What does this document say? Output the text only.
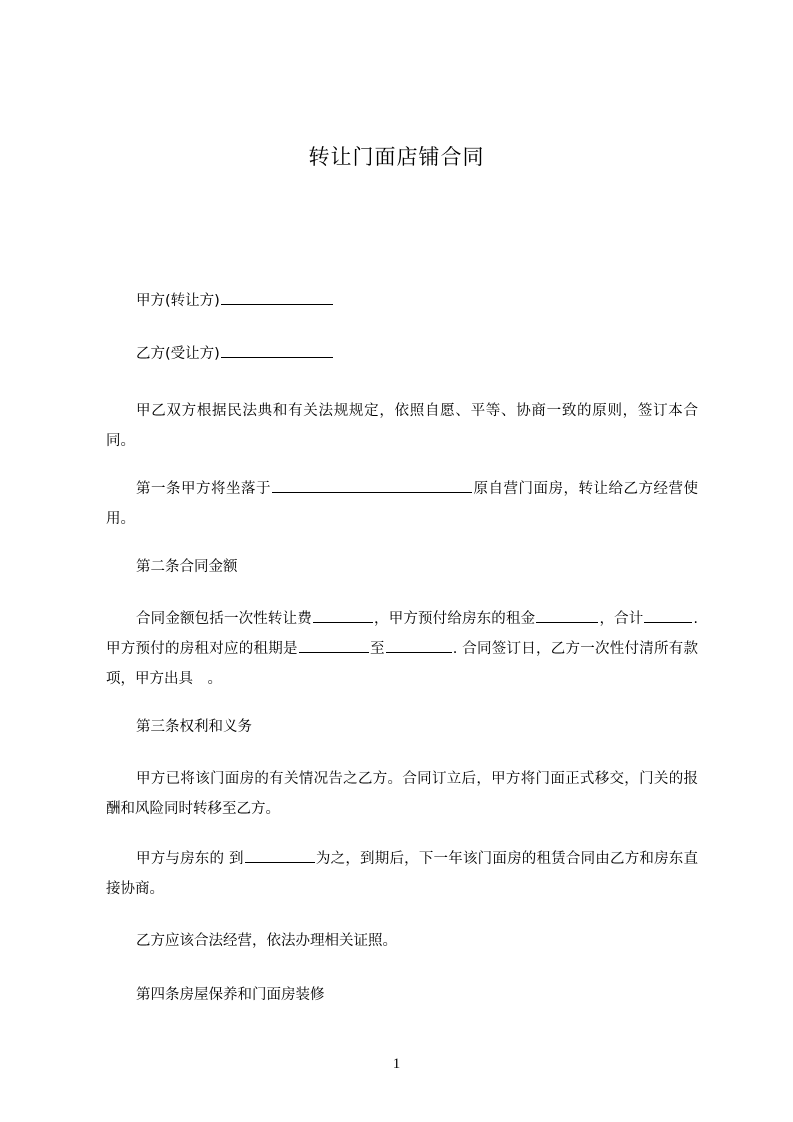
转让门面店铺合同
甲方(转让方)
乙方(受让方)
甲乙双方根据民法典和有关法规规定，依照自愿、平等、协商一致的原则，签订本合同。
第一条甲方将坐落于	原自营门面房，转让给乙方经营使用。
第二条合同金额
合同金额包括一次性转让费	，甲方预付给房东的租金	，合计	. 甲方预付的房租对应的租期是	至	. 合同签订日，乙方一次性付清所有款项，甲方出具　。
第三条权利和义务
甲方已将该门面房的有关情况告之乙方。合同订立后，甲方将门面正式移交，门关的报酬和风险同时转移至乙方。
甲方与房东的 到	为之，到期后，下一年该门面房的租赁合同由乙方和房东直接协商。
乙方应该合法经营，依法办理相关证照。
第四条房屋保养和门面房装修
1
